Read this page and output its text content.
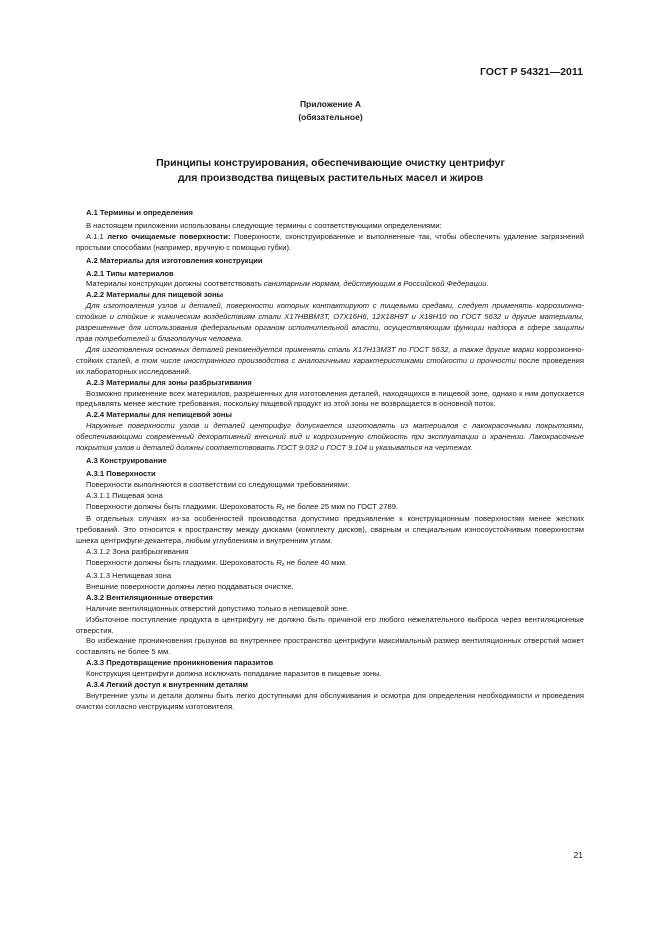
ГОСТ Р 54321—2011
Приложение А
(обязательное)
Принципы конструирования, обеспечивающие очистку центрифуг
для производства пищевых растительных масел и жиров

А.1 Термины и определения

В настоящем приложении использованы следующие термины с соответствующими определениями:

А.1.1 легко очищаемые поверхности: Поверхности, сконструированные и выполненные так, чтобы обеспечить удаление загрязнений простыми способами (например, вручную с помощью губки).

А.2 Материалы для изготовления конструкции

А.2.1 Типы материалов

Материалы конструкции должны соответствовать санитарным нормам, действующим в Российской Федерации.

А.2.2 Материалы для пищевой зоны

Для изготовления узлов и деталей, поверхности которых контактируют с пищевыми средами, следует применять коррозионно-стойкие и стойкие к химическим воздействиям стали Х17НВВМ3Т, О7Х16Н6, 12Х18Н9Т и Х18Н10 по ГОСТ 5632 и другие материалы, разрешенные для использования федеральным органом исполнительной власти, осуществляющим функции надзора в сфере защиты прав потребителей и благополучия человека.

Для изготовления основных деталей рекомендуется применять сталь Х17Н13М3Т по ГОСТ 5632, а также другие марки коррозионно-стойких сталей, в том числе иностранного производства с аналогичными характеристиками стойкости и прочности после проведения их лабораторных исследований.

А.2.3 Материалы для зоны разбрызгивания

Возможно применение всех материалов, разрешенных для изготовления деталей, находящихся в пищевой зоне, однако к ним допускается предъявлять менее жесткие требования, поскольку пищевой продукт из этой зоны не возвращается в основной поток.

А.2.4 Материалы для непищевой зоны

Наружные поверхности узлов и деталей центрифуг допускается изготовлять из материалов с лакокрасочными покрытиями, обеспечивающими современный декоративный внешний вид и коррозионную стойкость при эксплуатации и хранении. Лакокрасочные покрытия узлов и деталей должны соответствовать ГОСТ 9.032 и ГОСТ 9.104 и указываться на чертежах.

А.3 Конструирование

А.3.1 Поверхности

Поверхности выполняются в соответствии со следующими требованиями:

А.3.1.1 Пищевая зона

Поверхности должны быть гладкими. Шероховатость Rz не более 25 мкм по ГОСТ 2789.

В отдельных случаях из-за особенностей производства допустимо предъявление к конструкционным поверхностям менее жестких требований. Это относится к пространству между дисками (комплекту дисков), сварным и специальным износоустойчивым поверхностям шнека центрифуги-декантера, любым углублениям и внутренним углам.

А.3.1.2 Зона разбрызгивания

Поверхности должны быть гладкими. Шероховатость Rz не более 40 мкм.

А.3.1.3 Непищевая зона

Внешние поверхности должны легко поддаваться очистке.

А.3.2 Вентиляционные отверстия

Наличие вентиляционных отверстий допустимо только в непищевой зоне.

Избыточное поступление продукта в центрифугу не должно быть причиной его любого нежелательного выброса через вентиляционные отверстия.

Во избежание проникновения грызунов во внутреннее пространство центрифуги максимальный размер вентиляционных отверстий может составлять не более 5 мм.

А.3.3 Предотвращение проникновения паразитов

Конструкция центрифуги должна исключать попадание паразитов в пищевые зоны.

А.3.4 Легкий доступ к внутренним деталям

Внутренние узлы и детали должны быть легко доступными для обслуживания и осмотра для определения необходимости и проведения очистки согласно инструкциям изготовителя.

21
